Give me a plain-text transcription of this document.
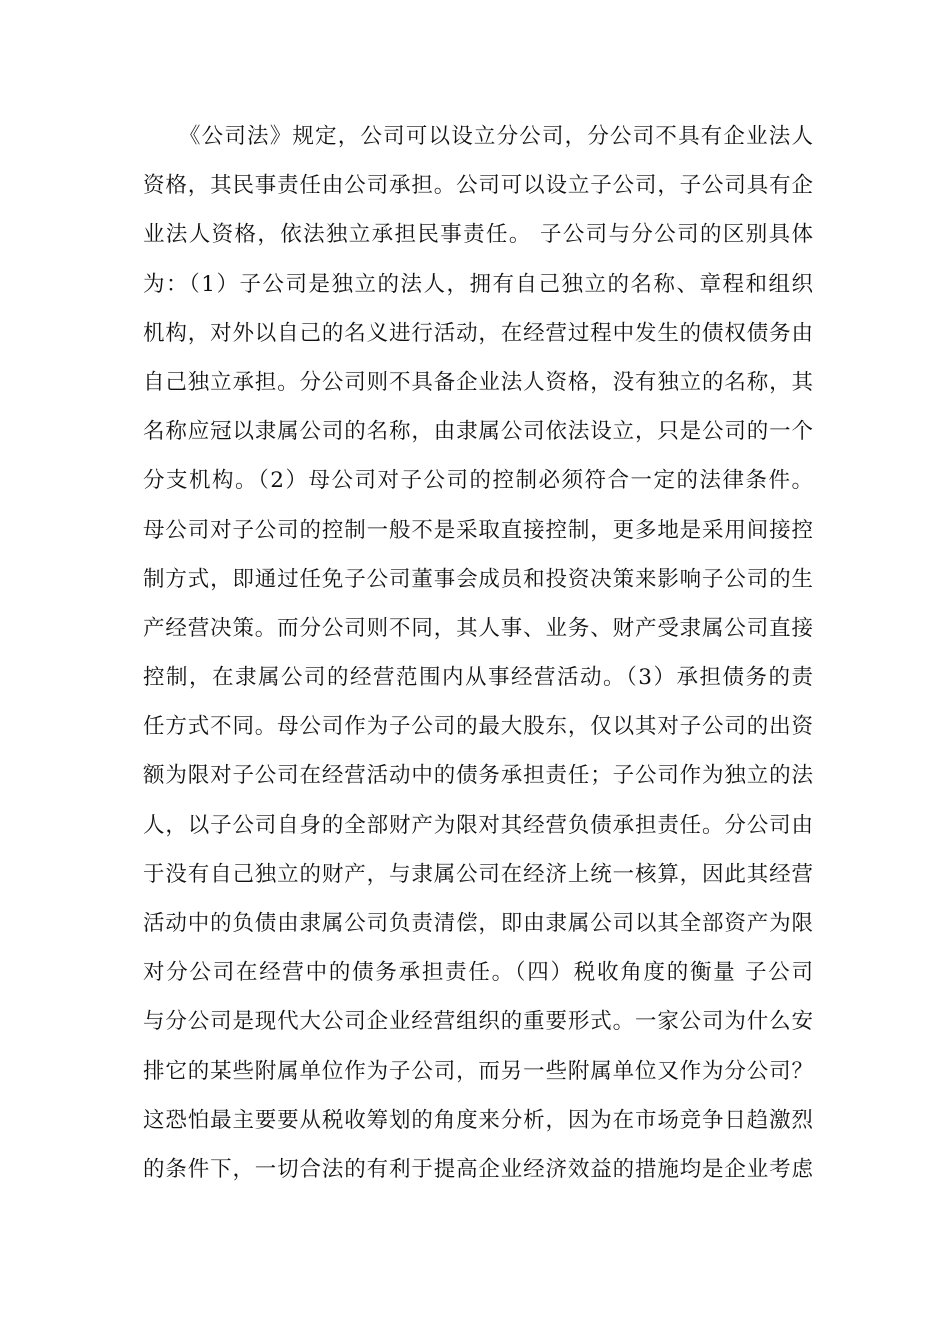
《公司法》规定，公司可以设立分公司，分公司不具有企业法人
资格，其民事责任由公司承担。公司可以设立子公司，子公司具有企
业法人资格，依法独立承担民事责任。 子公司与分公司的区别具体
为：（1）子公司是独立的法人，拥有自己独立的名称、章程和组织
机构，对外以自己的名义进行活动，在经营过程中发生的债权债务由
自己独立承担。分公司则不具备企业法人资格，没有独立的名称，其
名称应冠以隶属公司的名称，由隶属公司依法设立，只是公司的一个
分支机构。（2）母公司对子公司的控制必须符合一定的法律条件。
母公司对子公司的控制一般不是采取直接控制，更多地是采用间接控
制方式，即通过任免子公司董事会成员和投资决策来影响子公司的生
产经营决策。而分公司则不同，其人事、业务、财产受隶属公司直接
控制，在隶属公司的经营范围内从事经营活动。（3）承担债务的责
任方式不同。母公司作为子公司的最大股东，仅以其对子公司的出资
额为限对子公司在经营活动中的债务承担责任；子公司作为独立的法
人，以子公司自身的全部财产为限对其经营负债承担责任。分公司由
于没有自己独立的财产，与隶属公司在经济上统一核算，因此其经营
活动中的负债由隶属公司负责清偿，即由隶属公司以其全部资产为限
对分公司在经营中的债务承担责任。（四）税收角度的衡量 子公司
与分公司是现代大公司企业经营组织的重要形式。一家公司为什么安
排它的某些附属单位作为子公司，而另一些附属单位又作为分公司？
这恐怕最主要要从税收筹划的角度来分析，因为在市场竞争日趋激烈
的条件下，一切合法的有利于提高企业经济效益的措施均是企业考虑
